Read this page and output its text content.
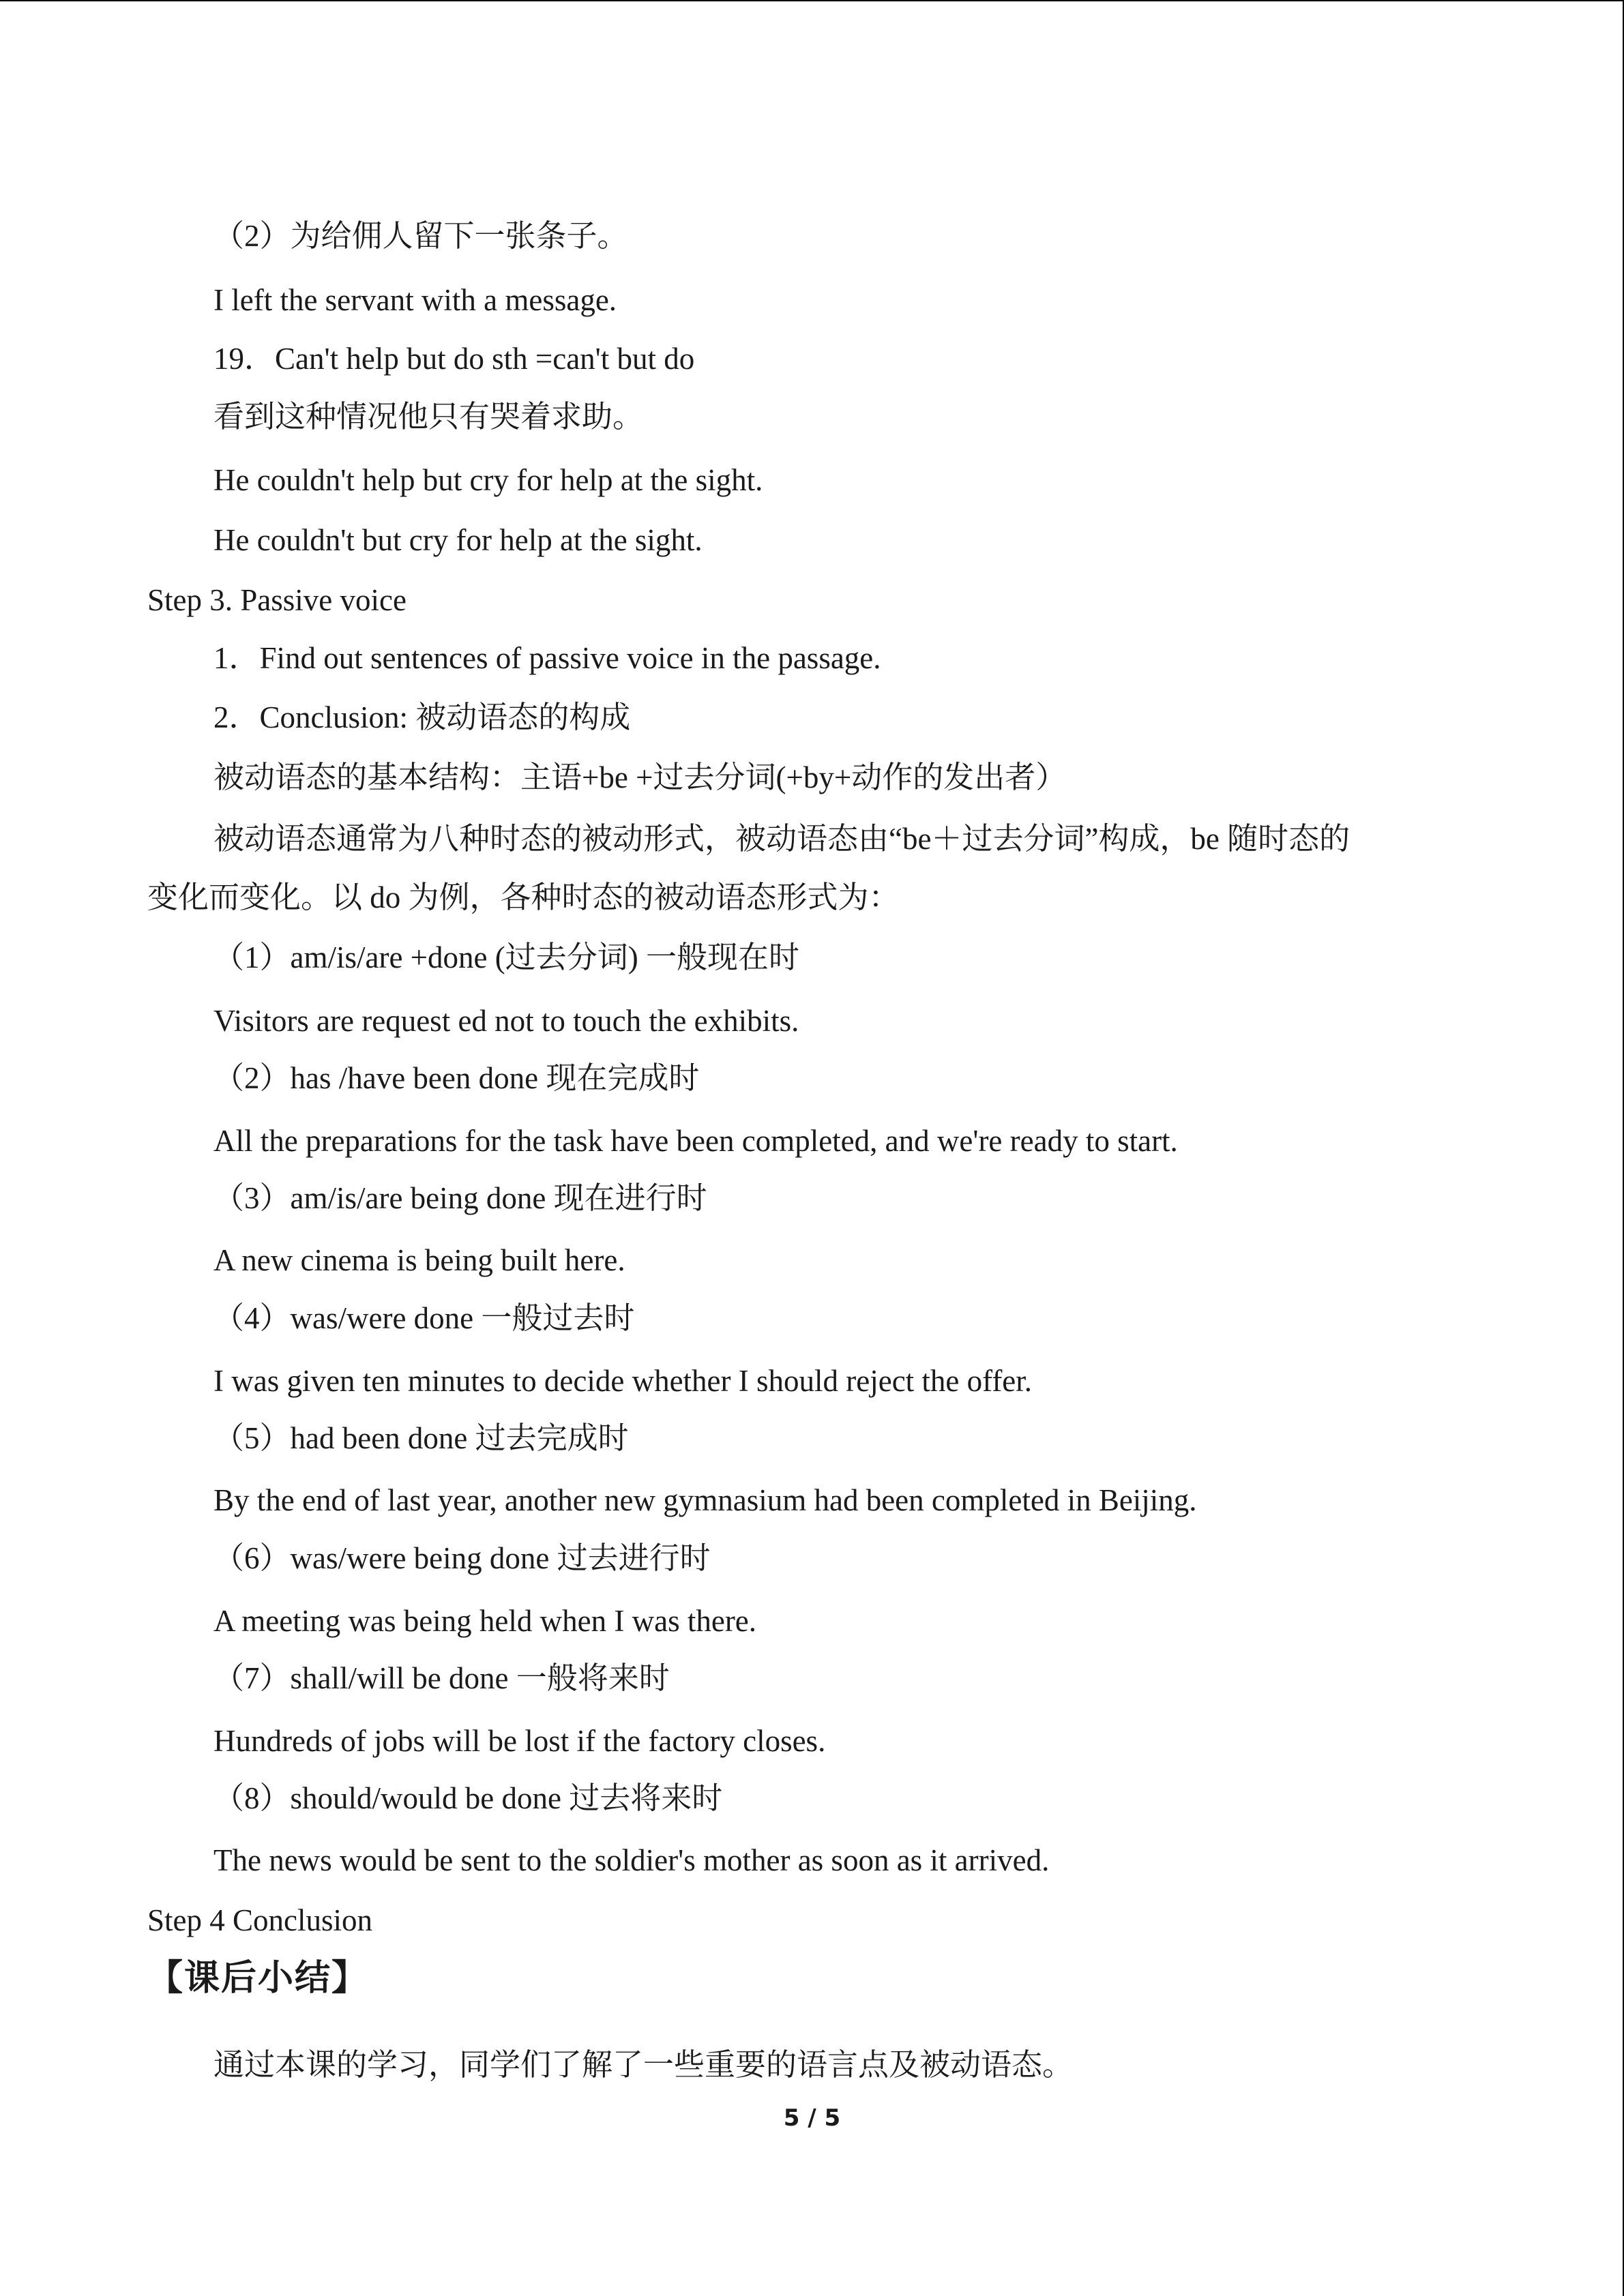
（2）为给佣人留下一张条子。

I left the servant with a message.

19．Can't help but do sth =can't but do

看到这种情况他只有哭着求助。

He couldn't help but cry for help at the sight.

He couldn't but cry for help at the sight.

Step 3. Passive voice

1．Find out sentences of passive voice in the passage.

2．Conclusion: 被动语态的构成

被动语态的基本结构：主语+be +过去分词(+by+动作的发出者）

被动语态通常为八种时态的被动形式，被动语态由“be＋过去分词”构成，be 随时态的

变化而变化。以 do 为例，各种时态的被动语态形式为：

（1）am/is/are +done (过去分词) 一般现在时

Visitors are request ed not to touch the exhibits.

（2）has /have been done 现在完成时

All the preparations for the task have been completed, and we're ready to start.

（3）am/is/are being done 现在进行时

A new cinema is being built here.

（4）was/were done 一般过去时

I was given ten minutes to decide whether I should reject the offer.

（5）had been done 过去完成时

By the end of last year, another new gymnasium had been completed in Beijing.

（6）was/were being done 过去进行时

A meeting was being held when I was there.

（7）shall/will be done 一般将来时

Hundreds of jobs will be lost if the factory closes.

（8）should/would be done 过去将来时

The news would be sent to the soldier's mother as soon as it arrived.

Step 4 Conclusion

【课后小结】

通过本课的学习，同学们了解了一些重要的语言点及被动语态。

5 / 5
